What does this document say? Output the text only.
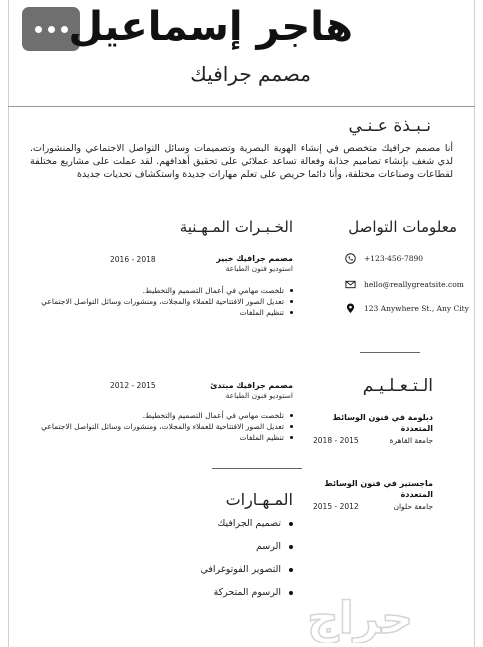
هاجر إسماعيل
مصمم جرافيك
نـبـذة عـنـي
أنا مصمم جرافيك متخصص في إنشاء الهوية البصرية وتصميمات وسائل التواصل الاجتماعي والمنشورات. لدي شغف بإنشاء تصاميم جذابة وفعالة تساعد عملائي على تحقيق أهدافهم. لقد عملت على مشاريع مختلفة لقطاعات وصناعات مختلفة، وأنا دائما حريص على تعلم مهارات جديدة واستكشاف تحديات جديدة
الخـبـرات المـهـنية
مصمم جرافيك خبير
استوديو فنون الطباعة
2016 - 2018
تلخصت مهامي في أعمال التصميم والتخطيط.
تعديل الصور الافتتاحية للعملاء والمجلات، ومنشورات وسائل التواصل الاجتماعي
تنظيم الملفات
مصمم جرافيك مبتدئ
استوديو فنون الطباعة
2012 - 2015
تلخصت مهامي في أعمال التصميم والتخطيط.
تعديل الصور الافتتاحية للعملاء والمجلات، ومنشورات وسائل التواصل الاجتماعي
تنظيم الملفات
المـهـارات
تصميم الجرافيك
الرسم
التصوير الفوتوغرافي
الرسوم المتحركة
معلومات التواصل
+123-456-7890
hello@reallygreatsite.com
123 Anywhere St., Any City
الـتـعـلـيـم
دبلومة في فنون الوسائط المتعددة
جامعة القاهرة
2015 - 2018
ماجستير في فنون الوسائط المتعددة
جامعة حلوان
2012 - 2015
حراج
